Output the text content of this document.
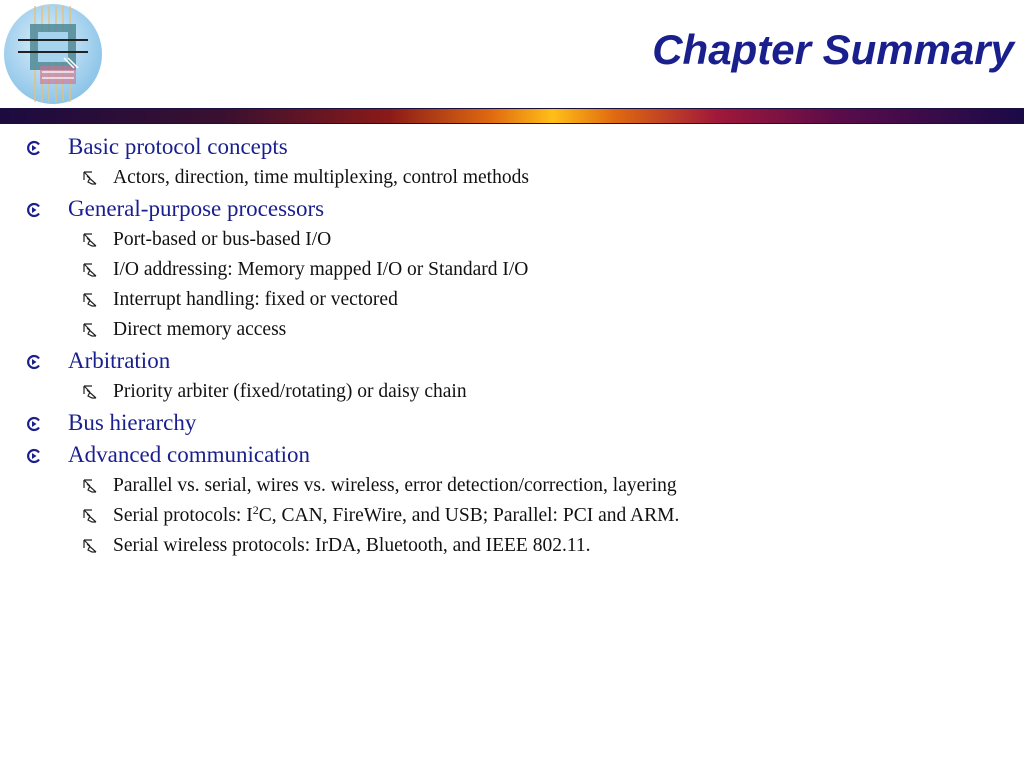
Chapter Summary
Basic protocol concepts
Actors, direction, time multiplexing, control methods
General-purpose processors
Port-based or bus-based I/O
I/O addressing: Memory mapped I/O or Standard I/O
Interrupt handling: fixed or vectored
Direct memory access
Arbitration
Priority arbiter (fixed/rotating) or daisy chain
Bus hierarchy
Advanced communication
Parallel vs. serial, wires vs. wireless, error detection/correction, layering
Serial protocols: $I^2C$, CAN, FireWire, and USB; Parallel: PCI and ARM.
Serial wireless protocols: IrDA, Bluetooth, and IEEE 802.11.
